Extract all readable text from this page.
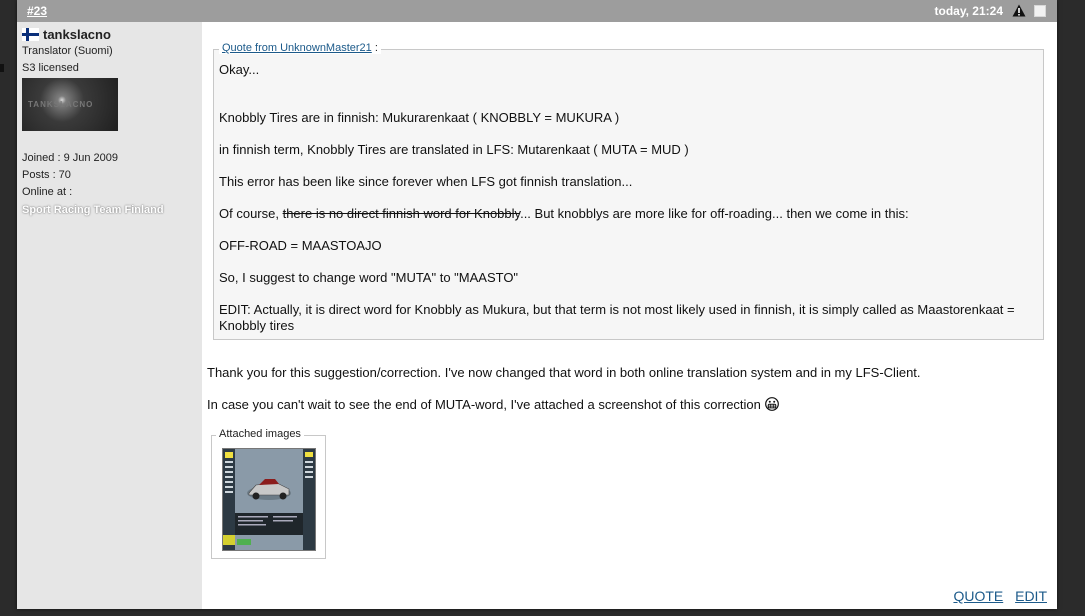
#23	today, 21:24
tankslacno
Translator (Suomi)
S3 licensed
TANKSLACNO
Joined : 9 Jun 2009
Posts : 70
Online at :
Sport Racing Team Finland
Quote from UnknownMaster21 :

Okay...

Knobbly Tires are in finnish: Mukurarenkaat ( KNOBBLY = MUKURA )

in finnish term, Knobbly Tires are translated in LFS: Mutarenkaat ( MUTA = MUD )

This error has been like since forever when LFS got finnish translation...

Of course, there is no direct finnish word for Knobbly... But knobblys are more like for off-roading... then we come in this:

OFF-ROAD = MAASTOAJO

So, I suggest to change word "MUTA" to "MAASTO"

EDIT: Actually, it is direct word for Knobbly as Mukura, but that term is not most likely used in finnish, it is simply called as Maastorenkaat = Knobbly tires

Thank you for this suggestion/correction. I've now changed that word in both online translation system and in my LFS-Client.
In case you can't wait to see the end of MUTA-word, I've attached a screenshot of this correction
Attached images
QUOTE EDIT
